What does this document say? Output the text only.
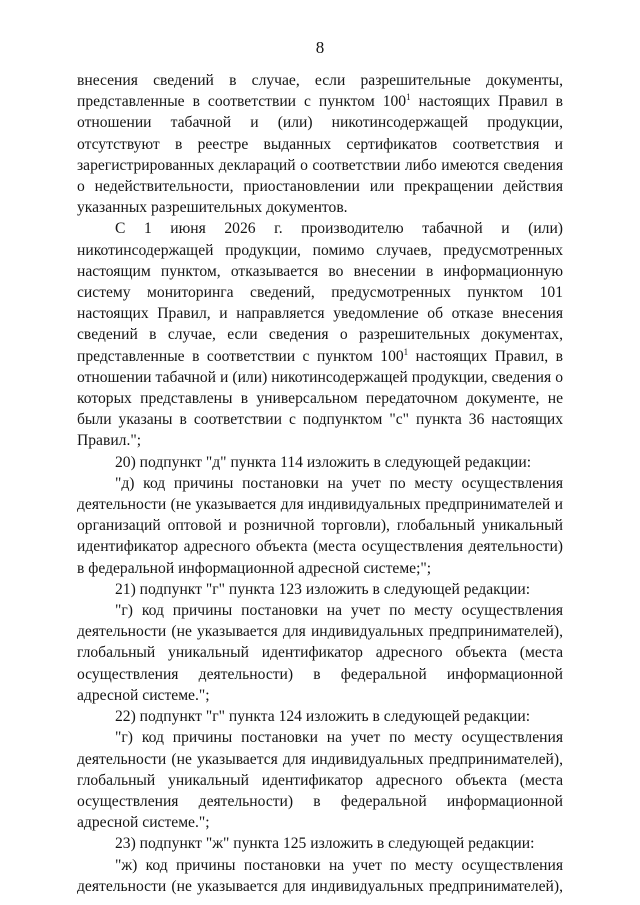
8

внесения сведений в случае, если разрешительные документы, представленные в соответствии с пунктом $100^1$ настоящих Правил в отношении табачной и (или) никотинсодержащей продукции, отсутствуют в реестре выданных сертификатов соответствия и зарегистрированных деклараций о соответствии либо имеются сведения о недействительности, приостановлении или прекращении действия указанных разрешительных документов.

С 1 июня 2026 г. производителю табачной и (или) никотинсодержащей продукции, помимо случаев, предусмотренных настоящим пунктом, отказывается во внесении в информационную систему мониторинга сведений, предусмотренных пунктом 101 настоящих Правил, и направляется уведомление об отказе внесения сведений в случае, если сведения о разрешительных документах, представленные в соответствии с пунктом $100^1$ настоящих Правил, в отношении табачной и (или) никотинсодержащей продукции, сведения о которых представлены в универсальном передаточном документе, не были указаны в соответствии с подпунктом "с" пункта 36 настоящих Правил.";

20) подпункт "д" пункта 114 изложить в следующей редакции:

"д) код причины постановки на учет по месту осуществления деятельности (не указывается для индивидуальных предпринимателей и организаций оптовой и розничной торговли), глобальный уникальный идентификатор адресного объекта (места осуществления деятельности) в федеральной информационной адресной системе;";

21) подпункт "г" пункта 123 изложить в следующей редакции:

"г) код причины постановки на учет по месту осуществления деятельности (не указывается для индивидуальных предпринимателей), глобальный уникальный идентификатор адресного объекта (места осуществления деятельности) в федеральной информационной адресной системе.";

22) подпункт "г" пункта 124 изложить в следующей редакции:

"г) код причины постановки на учет по месту осуществления деятельности (не указывается для индивидуальных предпринимателей), глобальный уникальный идентификатор адресного объекта (места осуществления деятельности) в федеральной информационной адресной системе.";

23) подпункт "ж" пункта 125 изложить в следующей редакции:

"ж) код причины постановки на учет по месту осуществления деятельности (не указывается для индивидуальных предпринимателей),
